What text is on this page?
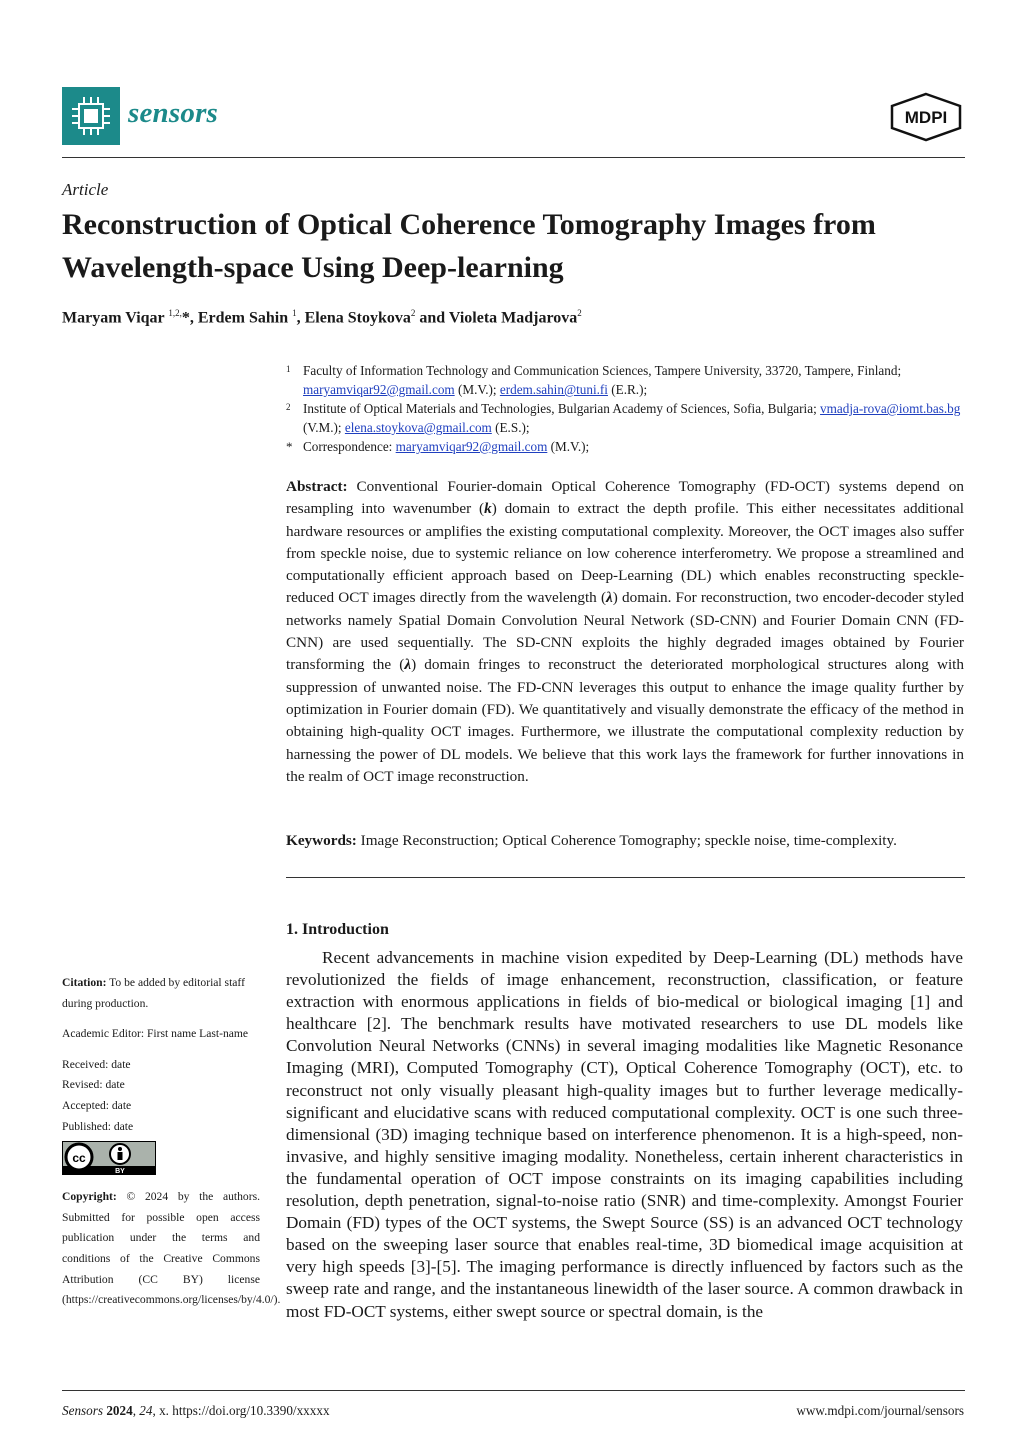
sensors	MDPI
Article
Reconstruction of Optical Coherence Tomography Images from Wavelength-space Using Deep-learning
Maryam Viqar $^{1,2,}$*, Erdem Sahin $^1$, Elena Stoykova$^2$ and Violeta Madjarova$^2$
1 Faculty of Information Technology and Communication Sciences, Tampere University, 33720, Tampere, Finland; maryamviqar92@gmail.com (M.V.); erdem.sahin@tuni.fi (E.R.);
2 Institute of Optical Materials and Technologies, Bulgarian Academy of Sciences, Sofia, Bulgaria; vmadja-rova@iomt.bas.bg (V.M.); elena.stoykova@gmail.com (E.S.);
* Correspondence: maryamviqar92@gmail.com (M.V.);
Abstract: Conventional Fourier-domain Optical Coherence Tomography (FD-OCT) systems depend on resampling into wavenumber (k) domain to extract the depth profile. This either necessitates additional hardware resources or amplifies the existing computational complexity. Moreover, the OCT images also suffer from speckle noise, due to systemic reliance on low coherence interferometry. We propose a streamlined and computationally efficient approach based on Deep-Learning (DL) which enables reconstructing speckle-reduced OCT images directly from the wavelength (λ) domain. For reconstruction, two encoder-decoder styled networks namely Spatial Domain Convolution Neural Network (SD-CNN) and Fourier Domain CNN (FD-CNN) are used sequentially. The SD-CNN exploits the highly degraded images obtained by Fourier transforming the (λ) domain fringes to reconstruct the deteriorated morphological structures along with suppression of unwanted noise. The FD-CNN leverages this output to enhance the image quality further by optimization in Fourier domain (FD). We quantitatively and visually demonstrate the efficacy of the method in obtaining high-quality OCT images. Furthermore, we illustrate the computational complexity reduction by harnessing the power of DL models. We believe that this work lays the framework for further innovations in the realm of OCT image reconstruction.
Keywords: Image Reconstruction; Optical Coherence Tomography; speckle noise, time-complexity.
1. Introduction
Recent advancements in machine vision expedited by Deep-Learning (DL) methods have revolutionized the fields of image enhancement, reconstruction, classification, or feature extraction with enormous applications in fields of bio-medical or biological imaging [1] and healthcare [2]. The benchmark results have motivated researchers to use DL models like Convolution Neural Networks (CNNs) in several imaging modalities like Magnetic Resonance Imaging (MRI), Computed Tomography (CT), Optical Coherence Tomography (OCT), etc. to reconstruct not only visually pleasant high-quality images but to further leverage medically-significant and elucidative scans with reduced computational complexity. OCT is one such three-dimensional (3D) imaging technique based on interference phenomenon. It is a high-speed, non-invasive, and highly sensitive imaging modality. Nonetheless, certain inherent characteristics in the fundamental operation of OCT impose constraints on its imaging capabilities including resolution, depth penetration, signal-to-noise ratio (SNR) and time-complexity. Amongst Fourier Domain (FD) types of the OCT systems, the Swept Source (SS) is an advanced OCT technology based on the sweeping laser source that enables real-time, 3D biomedical image acquisition at very high speeds [3]-[5]. The imaging performance is directly influenced by factors such as the sweep rate and range, and the instantaneous linewidth of the laser source. A common drawback in most FD-OCT systems, either swept source or spectral domain, is the
Citation: To be added by editorial staff during production.
Academic Editor: First name Last-name
Received: date
Revised: date
Accepted: date
Published: date
cc
BY
Copyright: © 2024 by the authors. Submitted for possible open access publication under the terms and conditions of the Creative Commons Attribution (CC BY) license (https://creativecommons.org/licenses/by/4.0/).
Sensors 2024, 24, x. https://doi.org/10.3390/xxxxx	www.mdpi.com/journal/sensors
